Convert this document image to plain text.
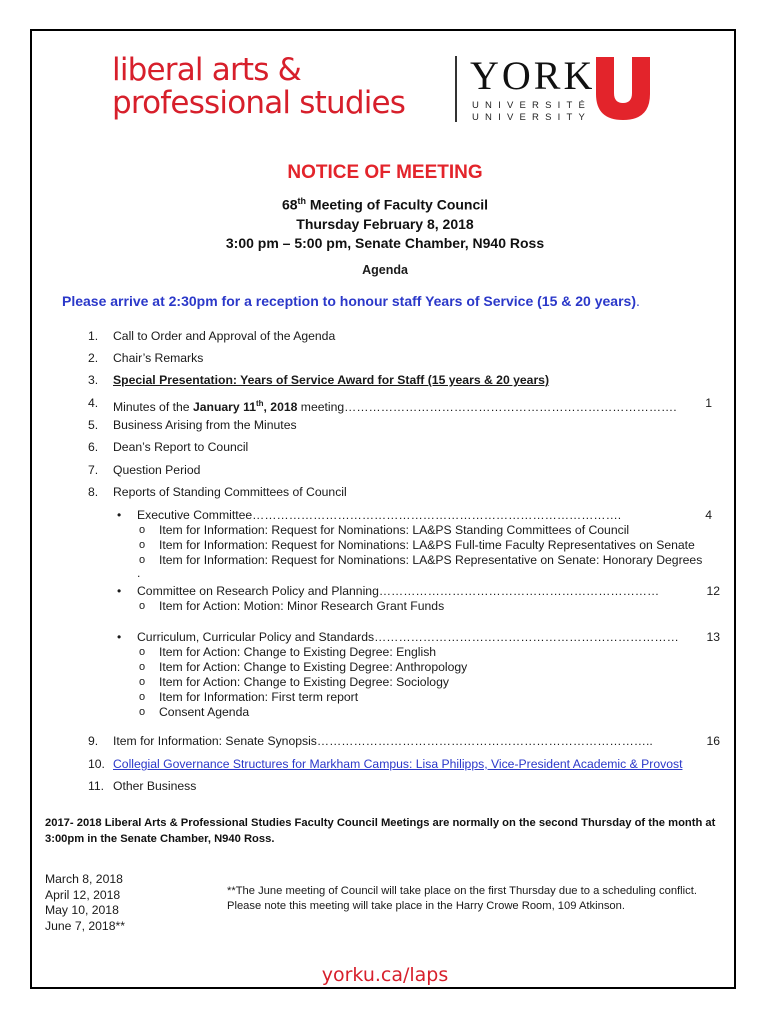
liberal arts &
professional studies
YORK
UNIVERSITÉ
UNIVERSITY
NOTICE OF MEETING
68th Meeting of Faculty Council
Thursday February 8, 2018
3:00 pm – 5:00 pm, Senate Chamber, N940 Ross
Agenda
Please arrive at 2:30pm for a reception to honour staff Years of Service (15 & 20 years).
1. Call to Order and Approval of the Agenda
2. Chair’s Remarks
3. Special Presentation: Years of Service Award for Staff (15 years & 20 years)
4. Minutes of the January 11th, 2018 meeting……………………………………………………………………….	1
5. Business Arising from the Minutes
6. Dean’s Report to Council
7. Question Period
8. Reports of Standing Committees of Council
• Executive Committee……………………………………………………………………………….	4
o Item for Information: Request for Nominations: LA&PS Standing Committees of Council
o Item for Information: Request for Nominations: LA&PS Full-time Faculty Representatives on Senate
o Item for Information: Request for Nominations: LA&PS Representative on Senate: Honorary Degrees
.
• Committee on Research Policy and Planning……………………………………………………………	12
o Item for Action: Motion: Minor Research Grant Funds
• Curriculum, Curricular Policy and Standards…………………………………………………………………	13
o Item for Action: Change to Existing Degree: English
o Item for Action: Change to Existing Degree: Anthropology
o Item for Action: Change to Existing Degree: Sociology
o Item for Information: First term report
o Consent Agenda
9. Item for Information: Senate Synopsis………………………………………………………………………..	16
10. Collegial Governance Structures for Markham Campus: Lisa Philipps, Vice-President Academic & Provost
11. Other Business
2017- 2018 Liberal Arts & Professional Studies Faculty Council Meetings are normally on the second Thursday of the month at 3:00pm in the Senate Chamber, N940 Ross.
March 8, 2018
April 12, 2018
May 10, 2018
June 7, 2018**
**The June meeting of Council will take place on the first Thursday due to a scheduling conflict.
Please note this meeting will take place in the Harry Crowe Room, 109 Atkinson.
yorku.ca/laps
